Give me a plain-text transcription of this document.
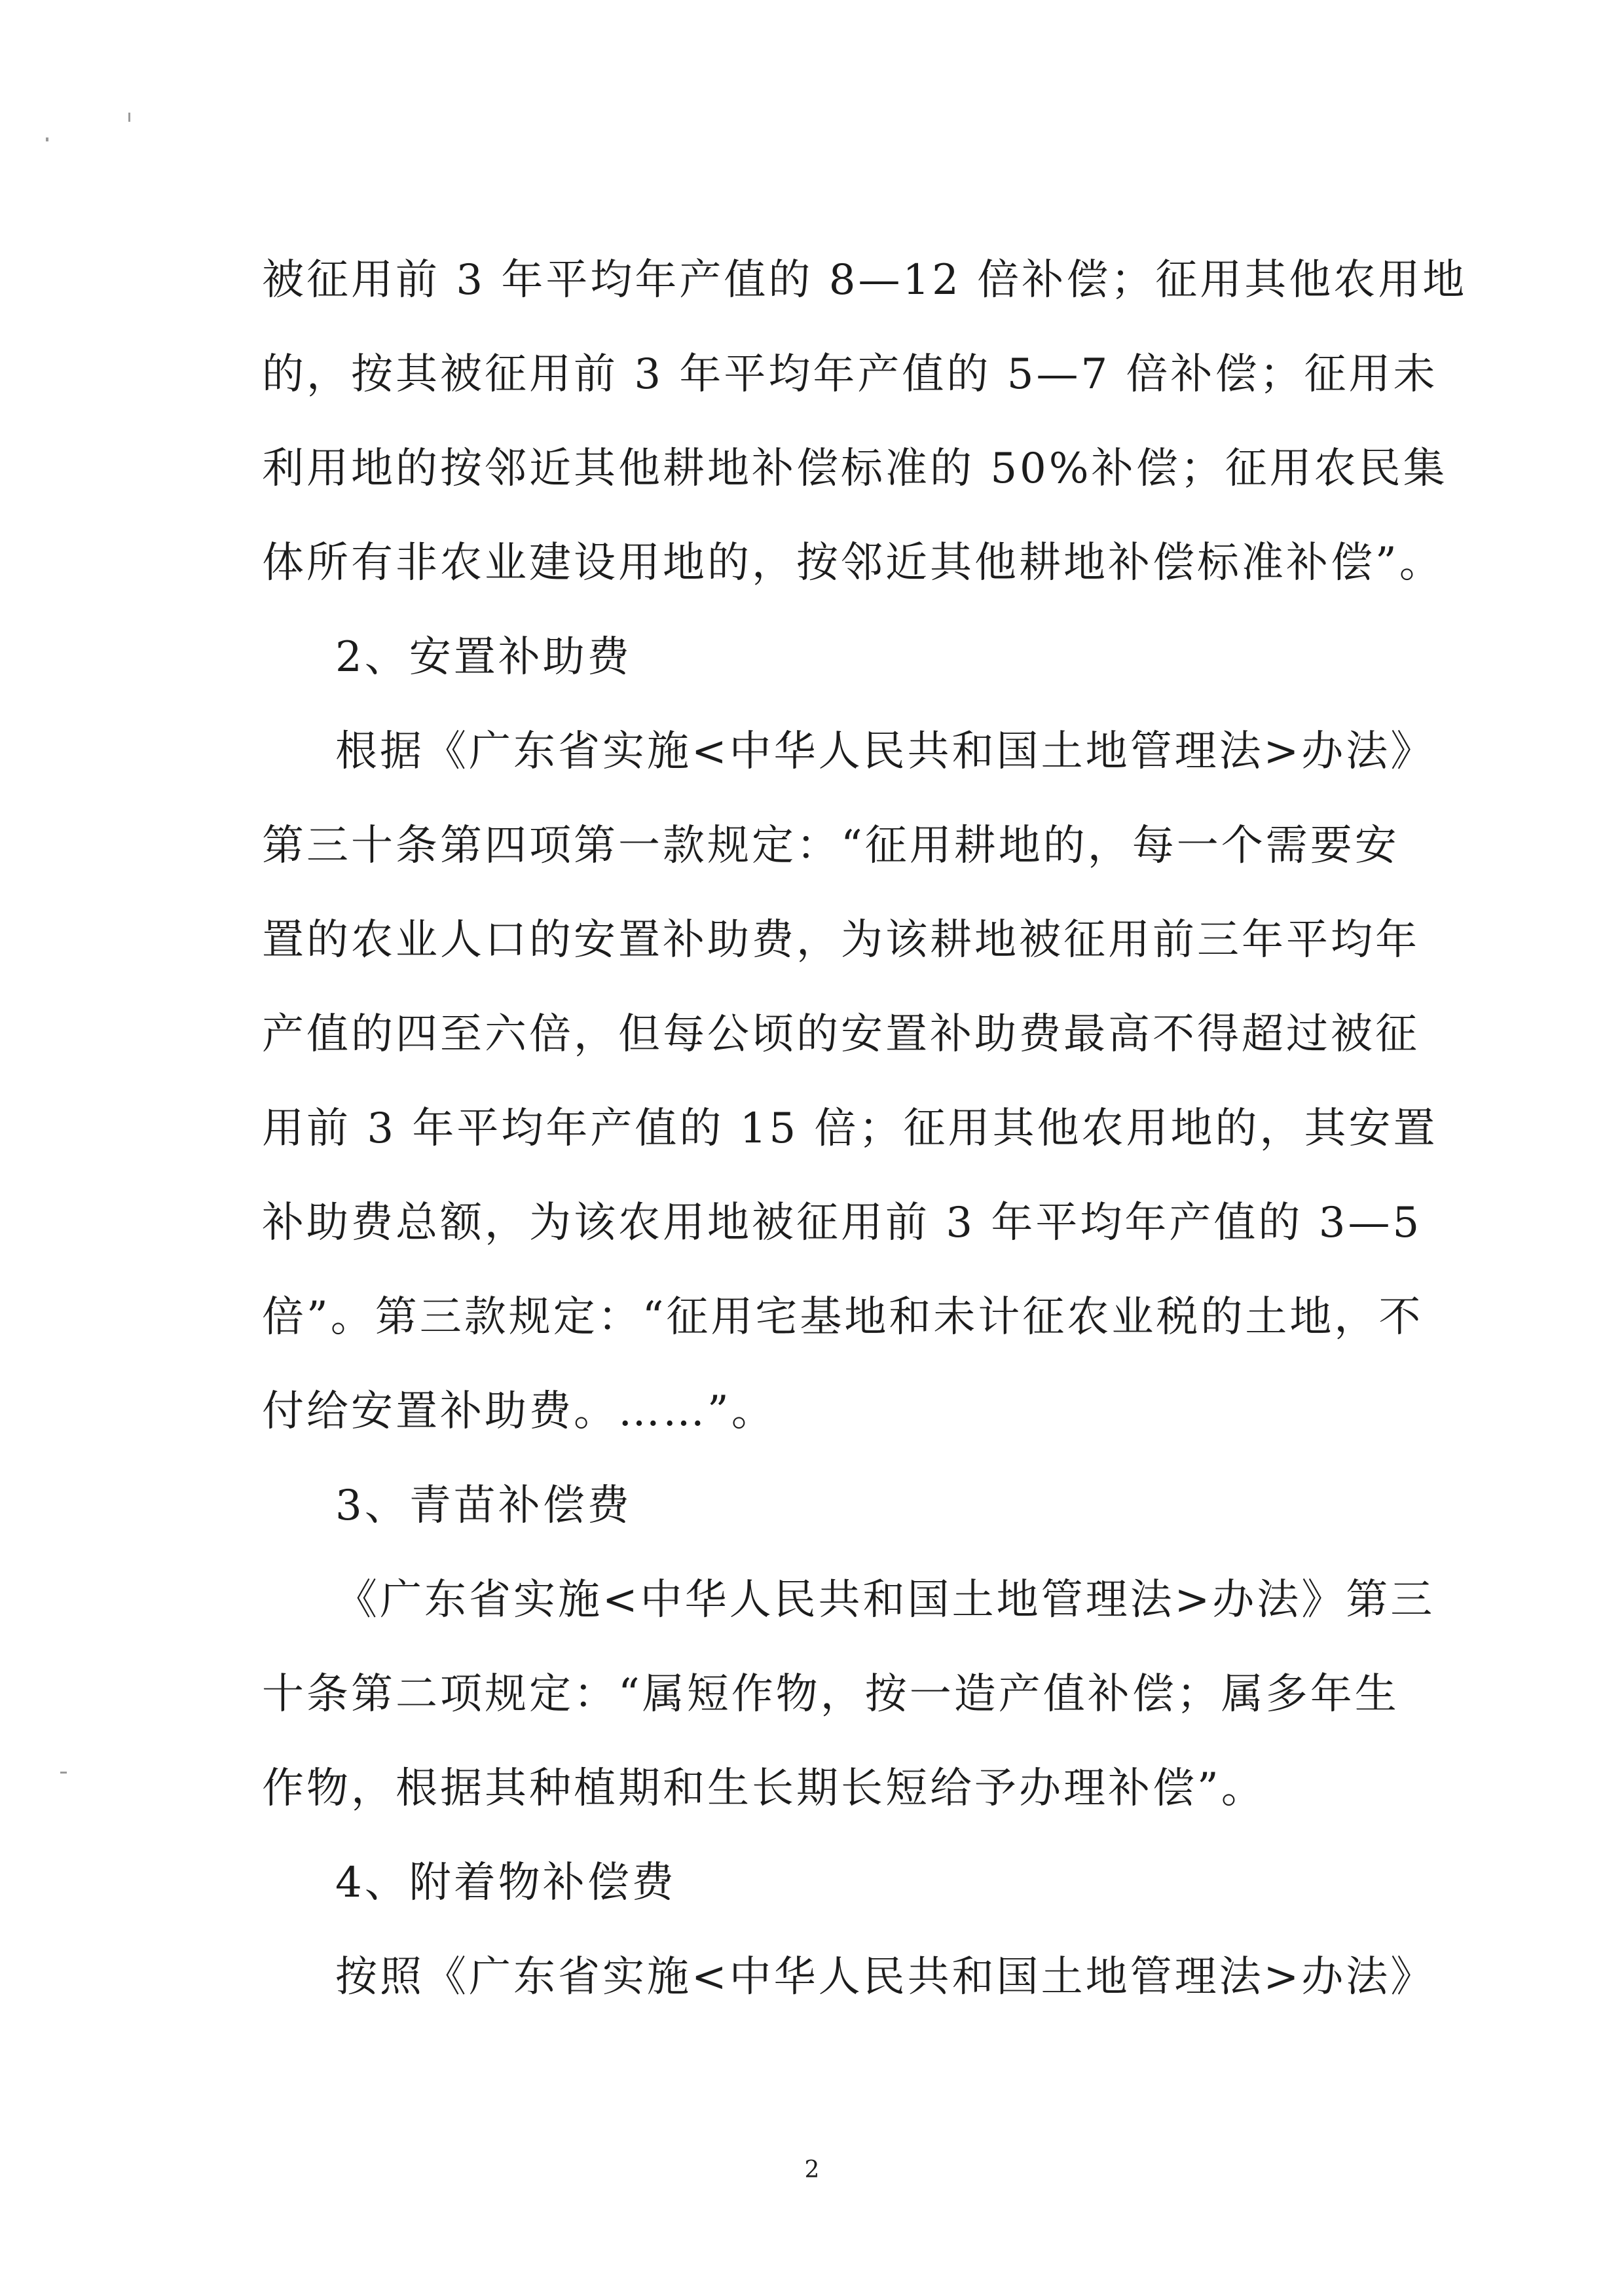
被征用前 3 年平均年产值的 8—12 倍补偿；征用其他农用地
的，按其被征用前 3 年平均年产值的 5—7 倍补偿；征用未
利用地的按邻近其他耕地补偿标准的 50%补偿；征用农民集
体所有非农业建设用地的，按邻近其他耕地补偿标准补偿”。
2、安置补助费
根据《广东省实施<中华人民共和国土地管理法>办法》
第三十条第四项第一款规定：“征用耕地的，每一个需要安
置的农业人口的安置补助费，为该耕地被征用前三年平均年
产值的四至六倍，但每公顷的安置补助费最高不得超过被征
用前 3 年平均年产值的 15 倍；征用其他农用地的，其安置
补助费总额，为该农用地被征用前 3 年平均年产值的 3—5
倍”。第三款规定：“征用宅基地和未计征农业税的土地，不
付给安置补助费。……”。
3、青苗补偿费
《广东省实施<中华人民共和国土地管理法>办法》第三
十条第二项规定：“属短作物，按一造产值补偿；属多年生
作物，根据其种植期和生长期长短给予办理补偿”。
4、附着物补偿费
按照《广东省实施<中华人民共和国土地管理法>办法》
2
